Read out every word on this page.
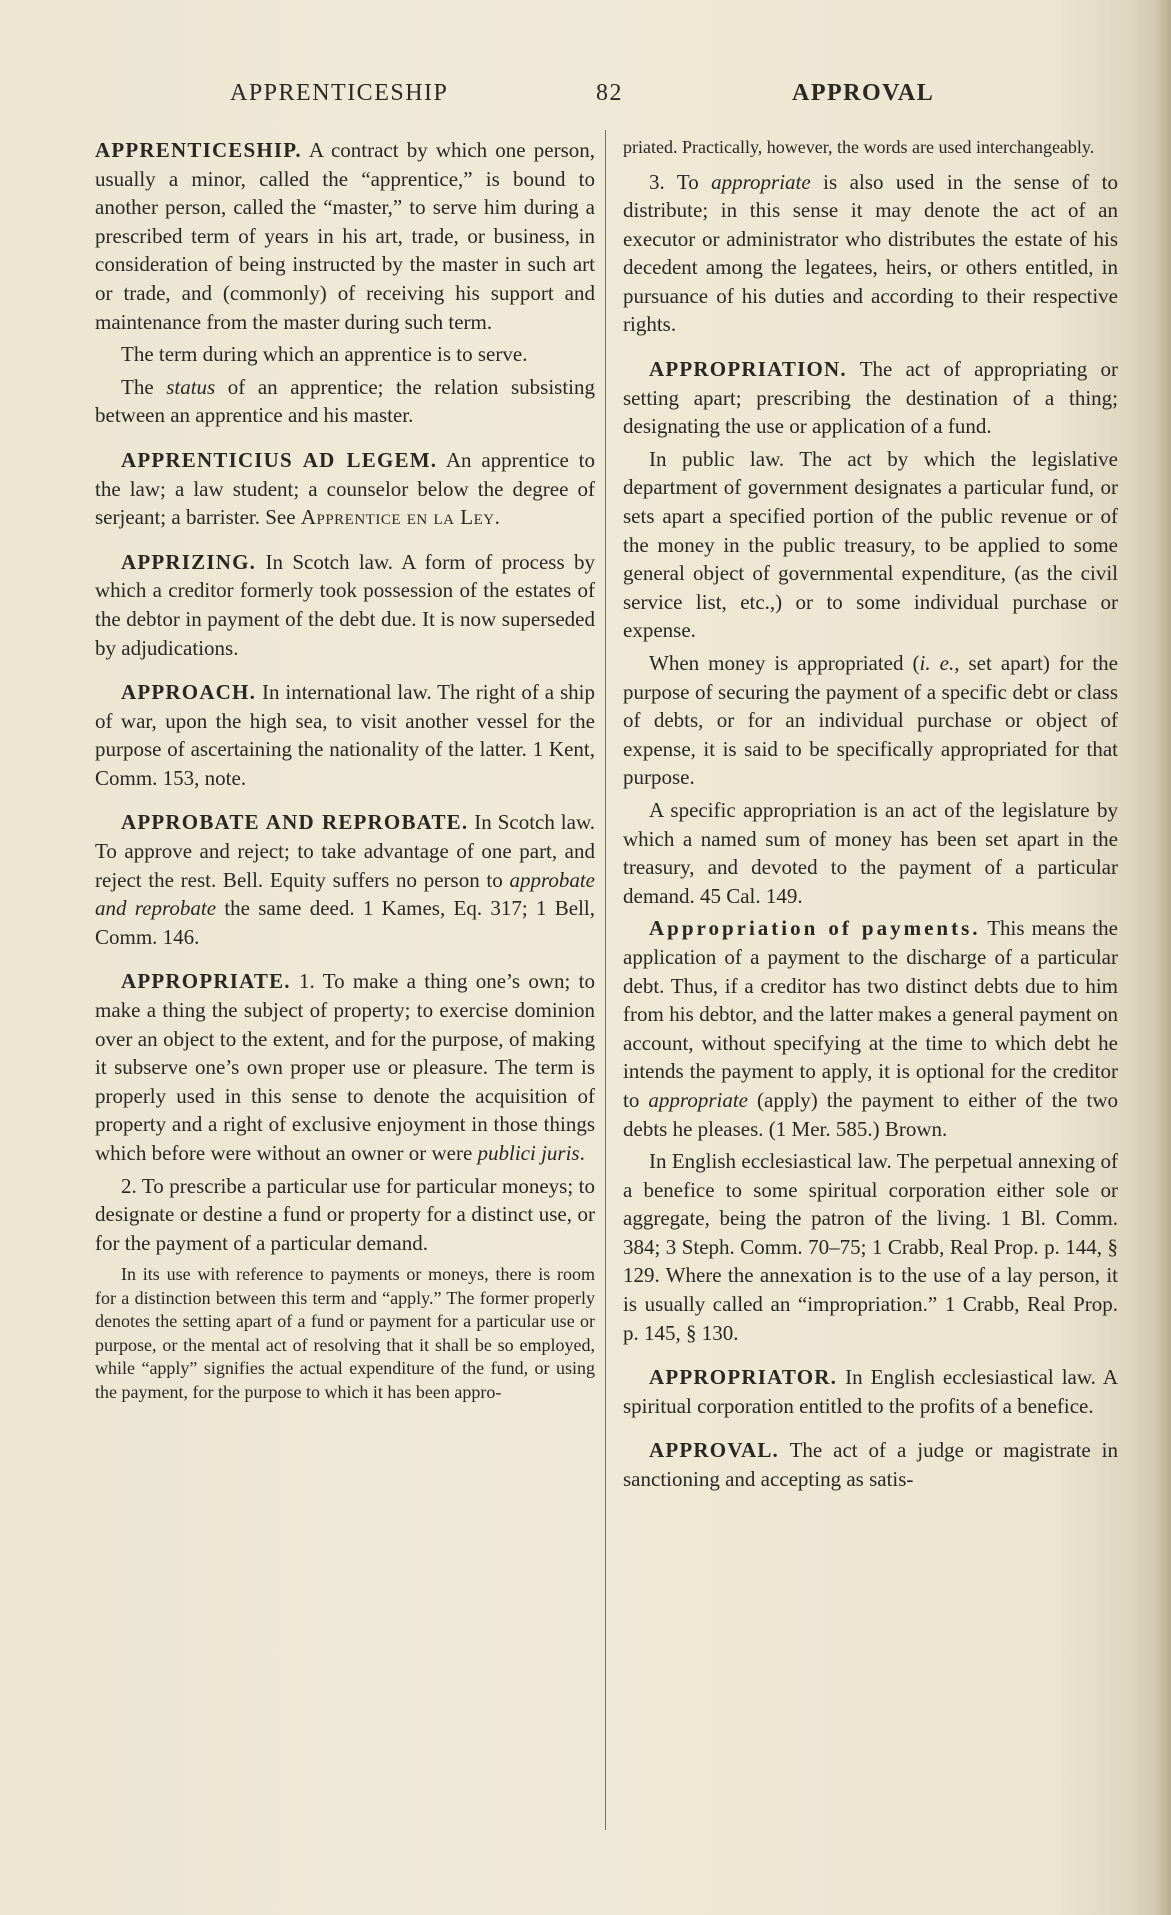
APPRENTICESHIP	82	APPROVAL

APPRENTICESHIP. A contract by which one person, usually a minor, called the “apprentice,” is bound to another person, called the “master,” to serve him during a prescribed term of years in his art, trade, or business, in consideration of being instructed by the master in such art or trade, and (commonly) of receiving his support and maintenance from the master during such term.

The term during which an apprentice is to serve.

The status of an apprentice; the relation subsisting between an apprentice and his master.

APPRENTICIUS AD LEGEM. An apprentice to the law; a law student; a counselor below the degree of serjeant; a barrister. See Apprentice en la Ley.

APPRIZING. In Scotch law. A form of process by which a creditor formerly took possession of the estates of the debtor in payment of the debt due. It is now superseded by adjudications.

APPROACH. In international law. The right of a ship of war, upon the high sea, to visit another vessel for the purpose of ascertaining the nationality of the latter. 1 Kent, Comm. 153, note.

APPROBATE AND REPROBATE. In Scotch law. To approve and reject; to take advantage of one part, and reject the rest. Bell. Equity suffers no person to approbate and reprobate the same deed. 1 Kames, Eq. 317; 1 Bell, Comm. 146.

APPROPRIATE. 1. To make a thing one’s own; to make a thing the subject of property; to exercise dominion over an object to the extent, and for the purpose, of making it subserve one’s own proper use or pleasure. The term is properly used in this sense to denote the acquisition of property and a right of exclusive enjoyment in those things which before were without an owner or were publici juris.

2. To prescribe a particular use for particular moneys; to designate or destine a fund or property for a distinct use, or for the payment of a particular demand.

In its use with reference to payments or moneys, there is room for a distinction between this term and “apply.” The former properly denotes the setting apart of a fund or payment for a particular use or purpose, or the mental act of resolving that it shall be so employed, while “apply” signifies the actual expenditure of the fund, or using the payment, for the purpose to which it has been appro-

priated. Practically, however, the words are used interchangeably.

3. To appropriate is also used in the sense of to distribute; in this sense it may denote the act of an executor or administrator who distributes the estate of his decedent among the legatees, heirs, or others entitled, in pursuance of his duties and according to their respective rights.

APPROPRIATION. The act of appropriating or setting apart; prescribing the destination of a thing; designating the use or application of a fund.

In public law. The act by which the legislative department of government designates a particular fund, or sets apart a specified portion of the public revenue or of the money in the public treasury, to be applied to some general object of governmental expenditure, (as the civil service list, etc.,) or to some individual purchase or expense.

When money is appropriated (i. e., set apart) for the purpose of securing the payment of a specific debt or class of debts, or for an individual purchase or object of expense, it is said to be specifically appropriated for that purpose.

A specific appropriation is an act of the legislature by which a named sum of money has been set apart in the treasury, and devoted to the payment of a particular demand. 45 Cal. 149.

Appropriation of payments. This means the application of a payment to the discharge of a particular debt. Thus, if a creditor has two distinct debts due to him from his debtor, and the latter makes a general payment on account, without specifying at the time to which debt he intends the payment to apply, it is optional for the creditor to appropriate (apply) the payment to either of the two debts he pleases. (1 Mer. 585.) Brown.

In English ecclesiastical law. The perpetual annexing of a benefice to some spiritual corporation either sole or aggregate, being the patron of the living. 1 Bl. Comm. 384; 3 Steph. Comm. 70–75; 1 Crabb, Real Prop. p. 144, § 129. Where the annexation is to the use of a lay person, it is usually called an “impropriation.” 1 Crabb, Real Prop. p. 145, § 130.

APPROPRIATOR. In English ecclesiastical law. A spiritual corporation entitled to the profits of a benefice.

APPROVAL. The act of a judge or magistrate in sanctioning and accepting as satis-
